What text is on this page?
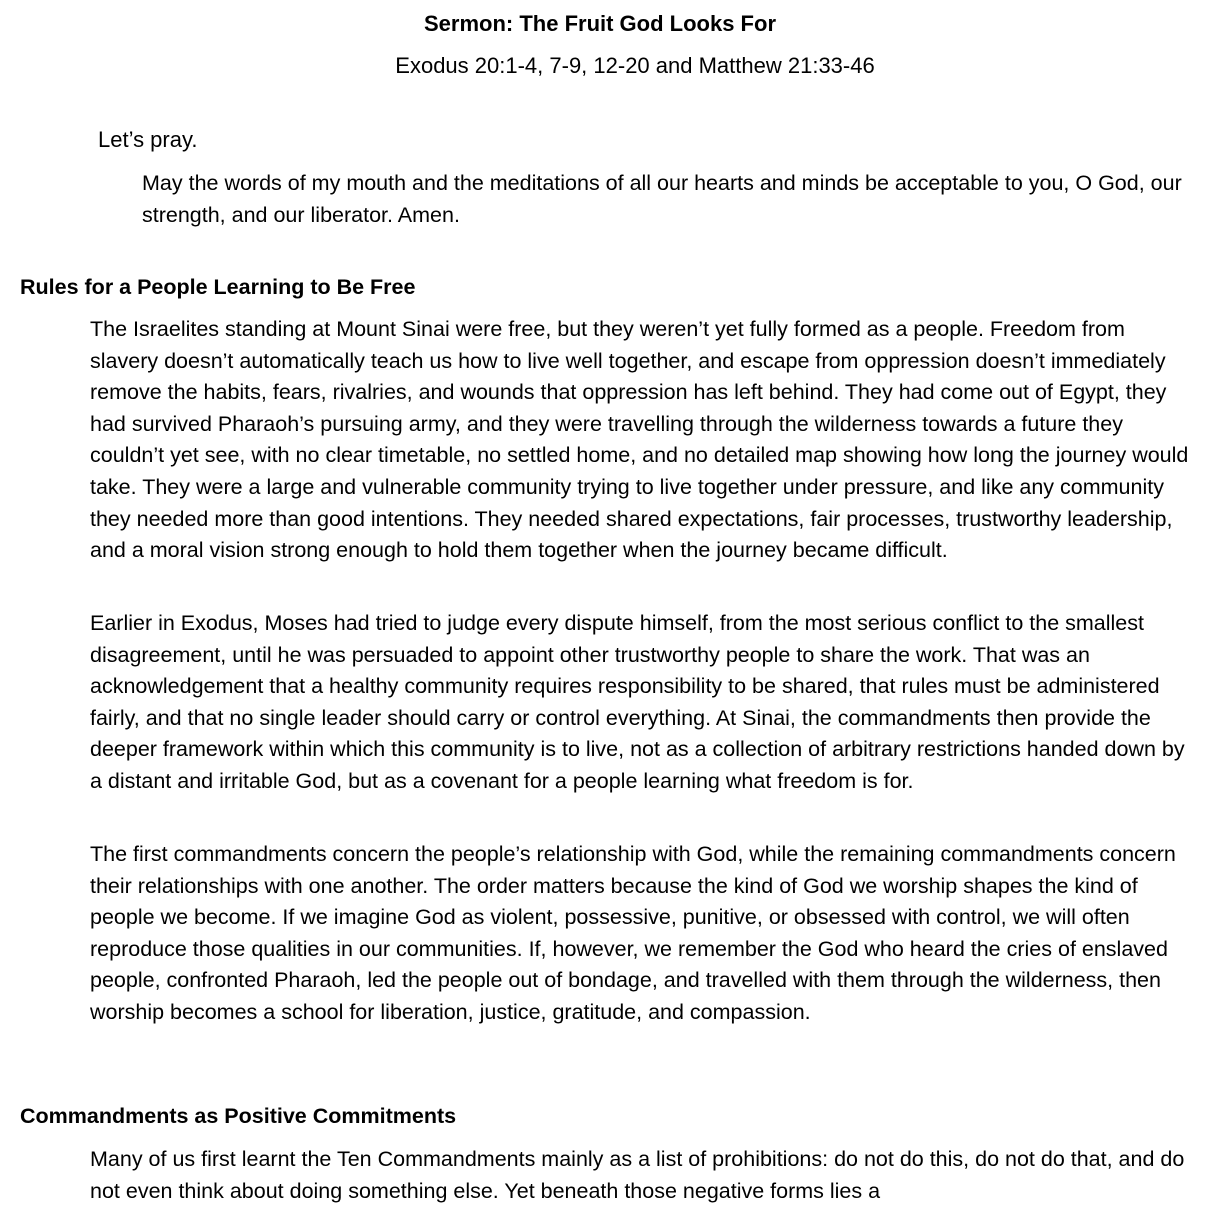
Sermon: The Fruit God Looks For

Exodus 20:1-4, 7-9, 12-20 and Matthew 21:33-46

Let’s pray.

May the words of my mouth and the meditations of all our hearts and minds be acceptable to you, O God, our strength, and our liberator. Amen.

Rules for a People Learning to Be Free

The Israelites standing at Mount Sinai were free, but they weren’t yet fully formed as a people. Freedom from slavery doesn’t automatically teach us how to live well together, and escape from oppression doesn’t immediately remove the habits, fears, rivalries, and wounds that oppression has left behind. They had come out of Egypt, they had survived Pharaoh’s pursuing army, and they were travelling through the wilderness towards a future they couldn’t yet see, with no clear timetable, no settled home, and no detailed map showing how long the journey would take. They were a large and vulnerable community trying to live together under pressure, and like any community they needed more than good intentions. They needed shared expectations, fair processes, trustworthy leadership, and a moral vision strong enough to hold them together when the journey became difficult.

Earlier in Exodus, Moses had tried to judge every dispute himself, from the most serious conflict to the smallest disagreement, until he was persuaded to appoint other trustworthy people to share the work. That was an acknowledgement that a healthy community requires responsibility to be shared, that rules must be administered fairly, and that no single leader should carry or control everything. At Sinai, the commandments then provide the deeper framework within which this community is to live, not as a collection of arbitrary restrictions handed down by a distant and irritable God, but as a covenant for a people learning what freedom is for.

The first commandments concern the people’s relationship with God, while the remaining commandments concern their relationships with one another. The order matters because the kind of God we worship shapes the kind of people we become. If we imagine God as violent, possessive, punitive, or obsessed with control, we will often reproduce those qualities in our communities. If, however, we remember the God who heard the cries of enslaved people, confronted Pharaoh, led the people out of bondage, and travelled with them through the wilderness, then worship becomes a school for liberation, justice, gratitude, and compassion.

Commandments as Positive Commitments

Many of us first learnt the Ten Commandments mainly as a list of prohibitions: do not do this, do not do that, and do not even think about doing something else. Yet beneath those negative forms lies a
